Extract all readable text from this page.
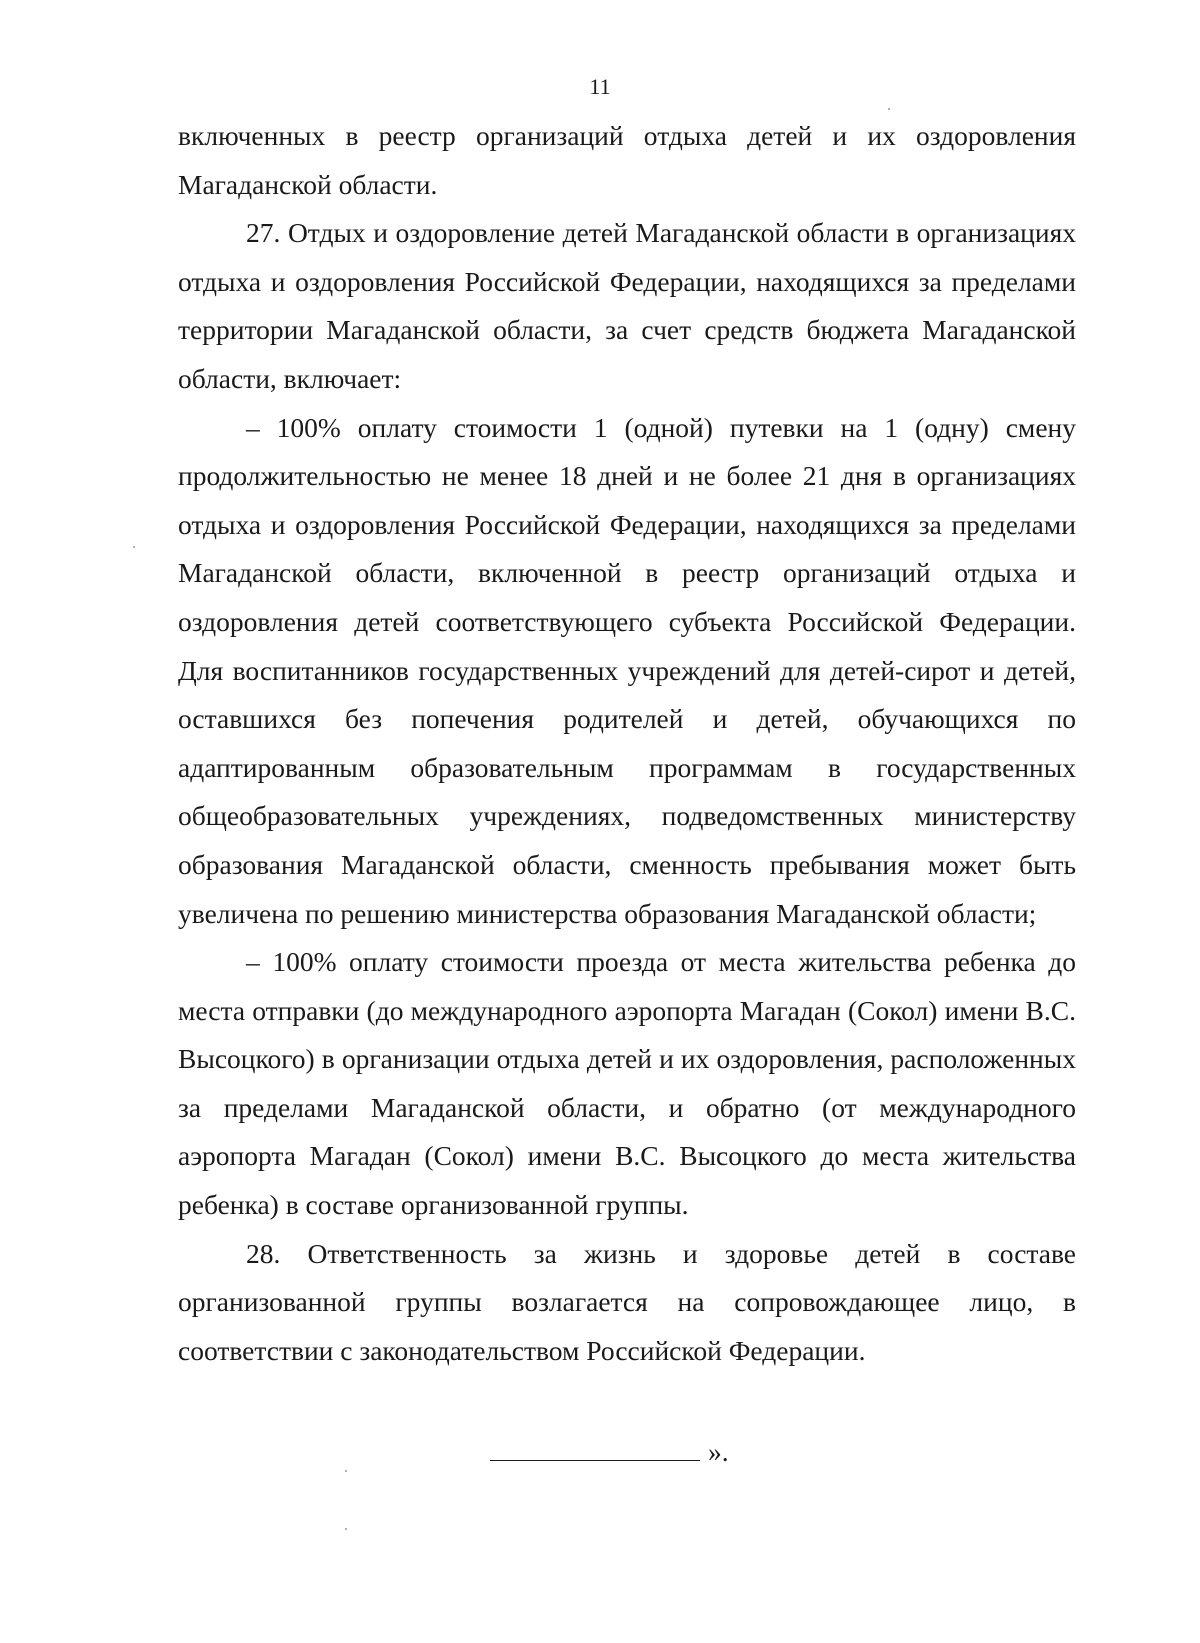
11

включенных в реестр организаций отдыха детей и их оздоровления Магаданской области.

27. Отдых и оздоровление детей Магаданской области в организациях отдыха и оздоровления Российской Федерации, находящихся за пределами территории Магаданской области, за счет средств бюджета Магаданской области, включает:

– 100% оплату стоимости 1 (одной) путевки на 1 (одну) смену продолжительностью не менее 18 дней и не более 21 дня в организациях отдыха и оздоровления Российской Федерации, находящихся за пределами Магаданской области, включенной в реестр организаций отдыха и оздоровления детей соответствующего субъекта Российской Федерации. Для воспитанников государственных учреждений для детей-сирот и детей, оставшихся без попечения родителей и детей, обучающихся по адаптированным образовательным программам в государственных общеобразовательных учреждениях, подведомственных министерству образования Магаданской области, сменность пребывания может быть увеличена по решению министерства образования Магаданской области;

– 100% оплату стоимости проезда от места жительства ребенка до места отправки (до международного аэропорта Магадан (Сокол) имени В.С. Высоцкого) в организации отдыха детей и их оздоровления, расположенных за пределами Магаданской области, и обратно (от международного аэропорта Магадан (Сокол) имени В.С. Высоцкого до места жительства ребенка) в составе организованной группы.

28. Ответственность за жизнь и здоровье детей в составе организованной группы возлагается на сопровождающее лицо, в соответствии с законодательством Российской Федерации.

».
